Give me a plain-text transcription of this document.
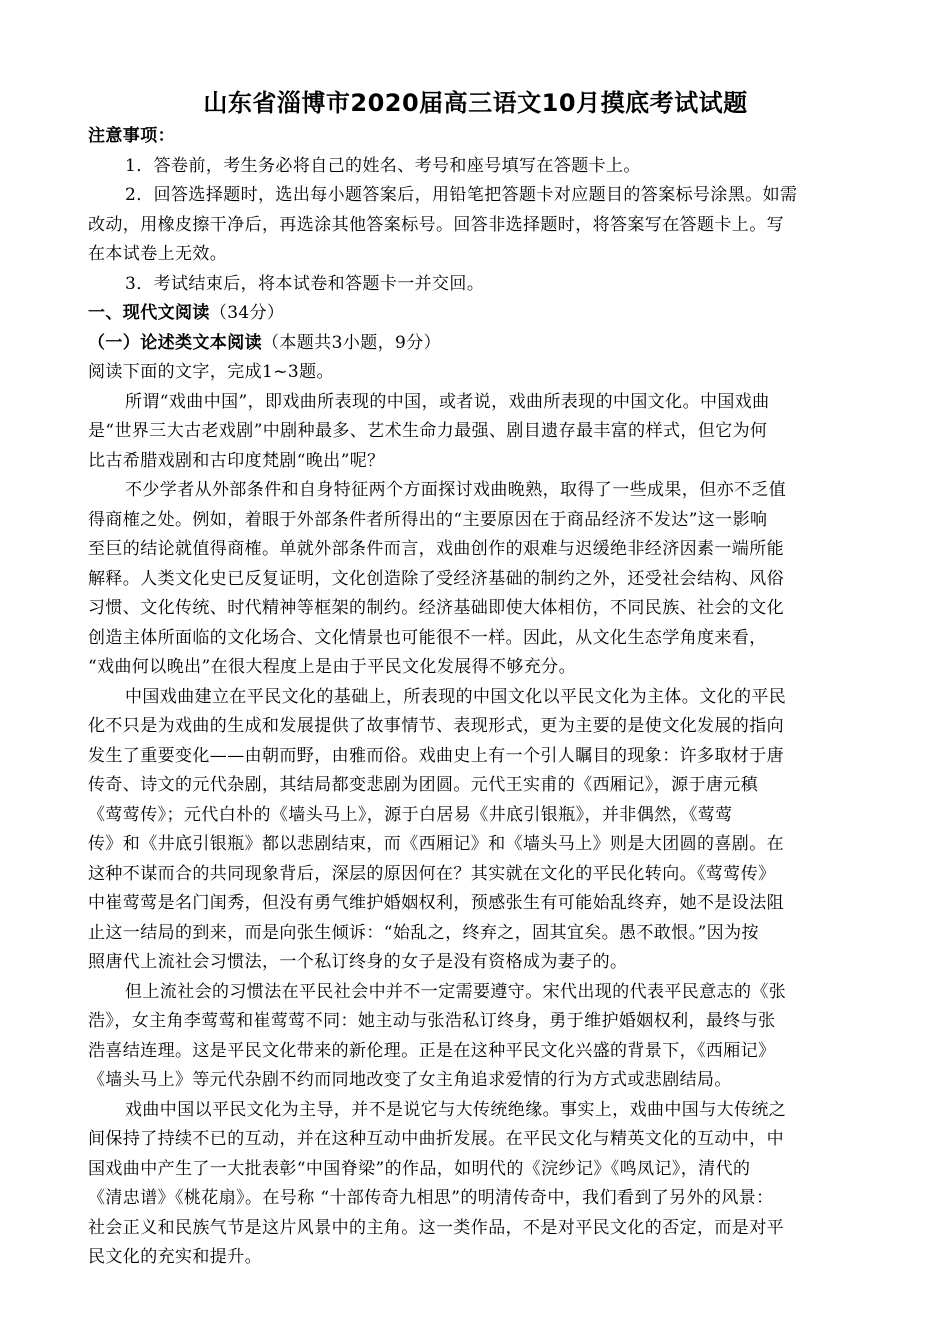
山东省淄博市2020届高三语文10月摸底考试试题
注意事项：
1．答卷前，考生务必将自己的姓名、考号和座号填写在答题卡上。
2．回答选择题时，选出每小题答案后，用铅笔把答题卡对应题目的答案标号涂黑。如需
改动，用橡皮擦干净后，再选涂其他答案标号。回答非选择题时，将答案写在答题卡上。写
在本试卷上无效。
3．考试结束后，将本试卷和答题卡一并交回。
一、现代文阅读（34分）
（一）论述类文本阅读（本题共3小题，9分）
阅读下面的文字，完成1~3题。
所谓“戏曲中国”，即戏曲所表现的中国，或者说，戏曲所表现的中国文化。中国戏曲
是“世界三大古老戏剧”中剧种最多、艺术生命力最强、剧目遗存最丰富的样式，但它为何
比古希腊戏剧和古印度梵剧“晚出”呢？
不少学者从外部条件和自身特征两个方面探讨戏曲晚熟，取得了一些成果，但亦不乏值
得商榷之处。例如，着眼于外部条件者所得出的“主要原因在于商品经济不发达”这一影响
至巨的结论就值得商榷。单就外部条件而言，戏曲创作的艰难与迟缓绝非经济因素一端所能
解释。人类文化史已反复证明，文化创造除了受经济基础的制约之外，还受社会结构、风俗
习惯、文化传统、时代精神等框架的制约。经济基础即使大体相仿，不同民族、社会的文化
创造主体所面临的文化场合、文化情景也可能很不一样。因此，从文化生态学角度来看，
“戏曲何以晚出”在很大程度上是由于平民文化发展得不够充分。
中国戏曲建立在平民文化的基础上，所表现的中国文化以平民文化为主体。文化的平民
化不只是为戏曲的生成和发展提供了故事情节、表现形式，更为主要的是使文化发展的指向
发生了重要变化——由朝而野，由雅而俗。戏曲史上有一个引人瞩目的现象：许多取材于唐
传奇、诗文的元代杂剧，其结局都变悲剧为团圆。元代王实甫的《西厢记》，源于唐元稹
《莺莺传》；元代白朴的《墙头马上》，源于白居易《井底引银瓶》，并非偶然，《莺莺
传》和《井底引银瓶》都以悲剧结束，而《西厢记》和《墙头马上》则是大团圆的喜剧。在
这种不谋而合的共同现象背后，深层的原因何在？其实就在文化的平民化转向。《莺莺传》
中崔莺莺是名门闺秀，但没有勇气维护婚姻权利，预感张生有可能始乱终弃，她不是设法阻
止这一结局的到来，而是向张生倾诉：“始乱之，终弃之，固其宜矣。愚不敢恨。”因为按
照唐代上流社会习惯法，一个私订终身的女子是没有资格成为妻子的。
但上流社会的习惯法在平民社会中并不一定需要遵守。宋代出现的代表平民意志的《张
浩》，女主角李莺莺和崔莺莺不同：她主动与张浩私订终身，勇于维护婚姻权利，最终与张
浩喜结连理。这是平民文化带来的新伦理。正是在这种平民文化兴盛的背景下，《西厢记》
《墙头马上》等元代杂剧不约而同地改变了女主角追求爱情的行为方式或悲剧结局。
戏曲中国以平民文化为主导，并不是说它与大传统绝缘。事实上，戏曲中国与大传统之
间保持了持续不已的互动，并在这种互动中曲折发展。在平民文化与精英文化的互动中，中
国戏曲中产生了一大批表彰“中国脊梁”的作品，如明代的《浣纱记》《鸣凤记》，清代的
《清忠谱》《桃花扇》。在号称 “十部传奇九相思”的明清传奇中，我们看到了另外的风景：
社会正义和民族气节是这片风景中的主角。这一类作品，不是对平民文化的否定，而是对平
民文化的充实和提升。
